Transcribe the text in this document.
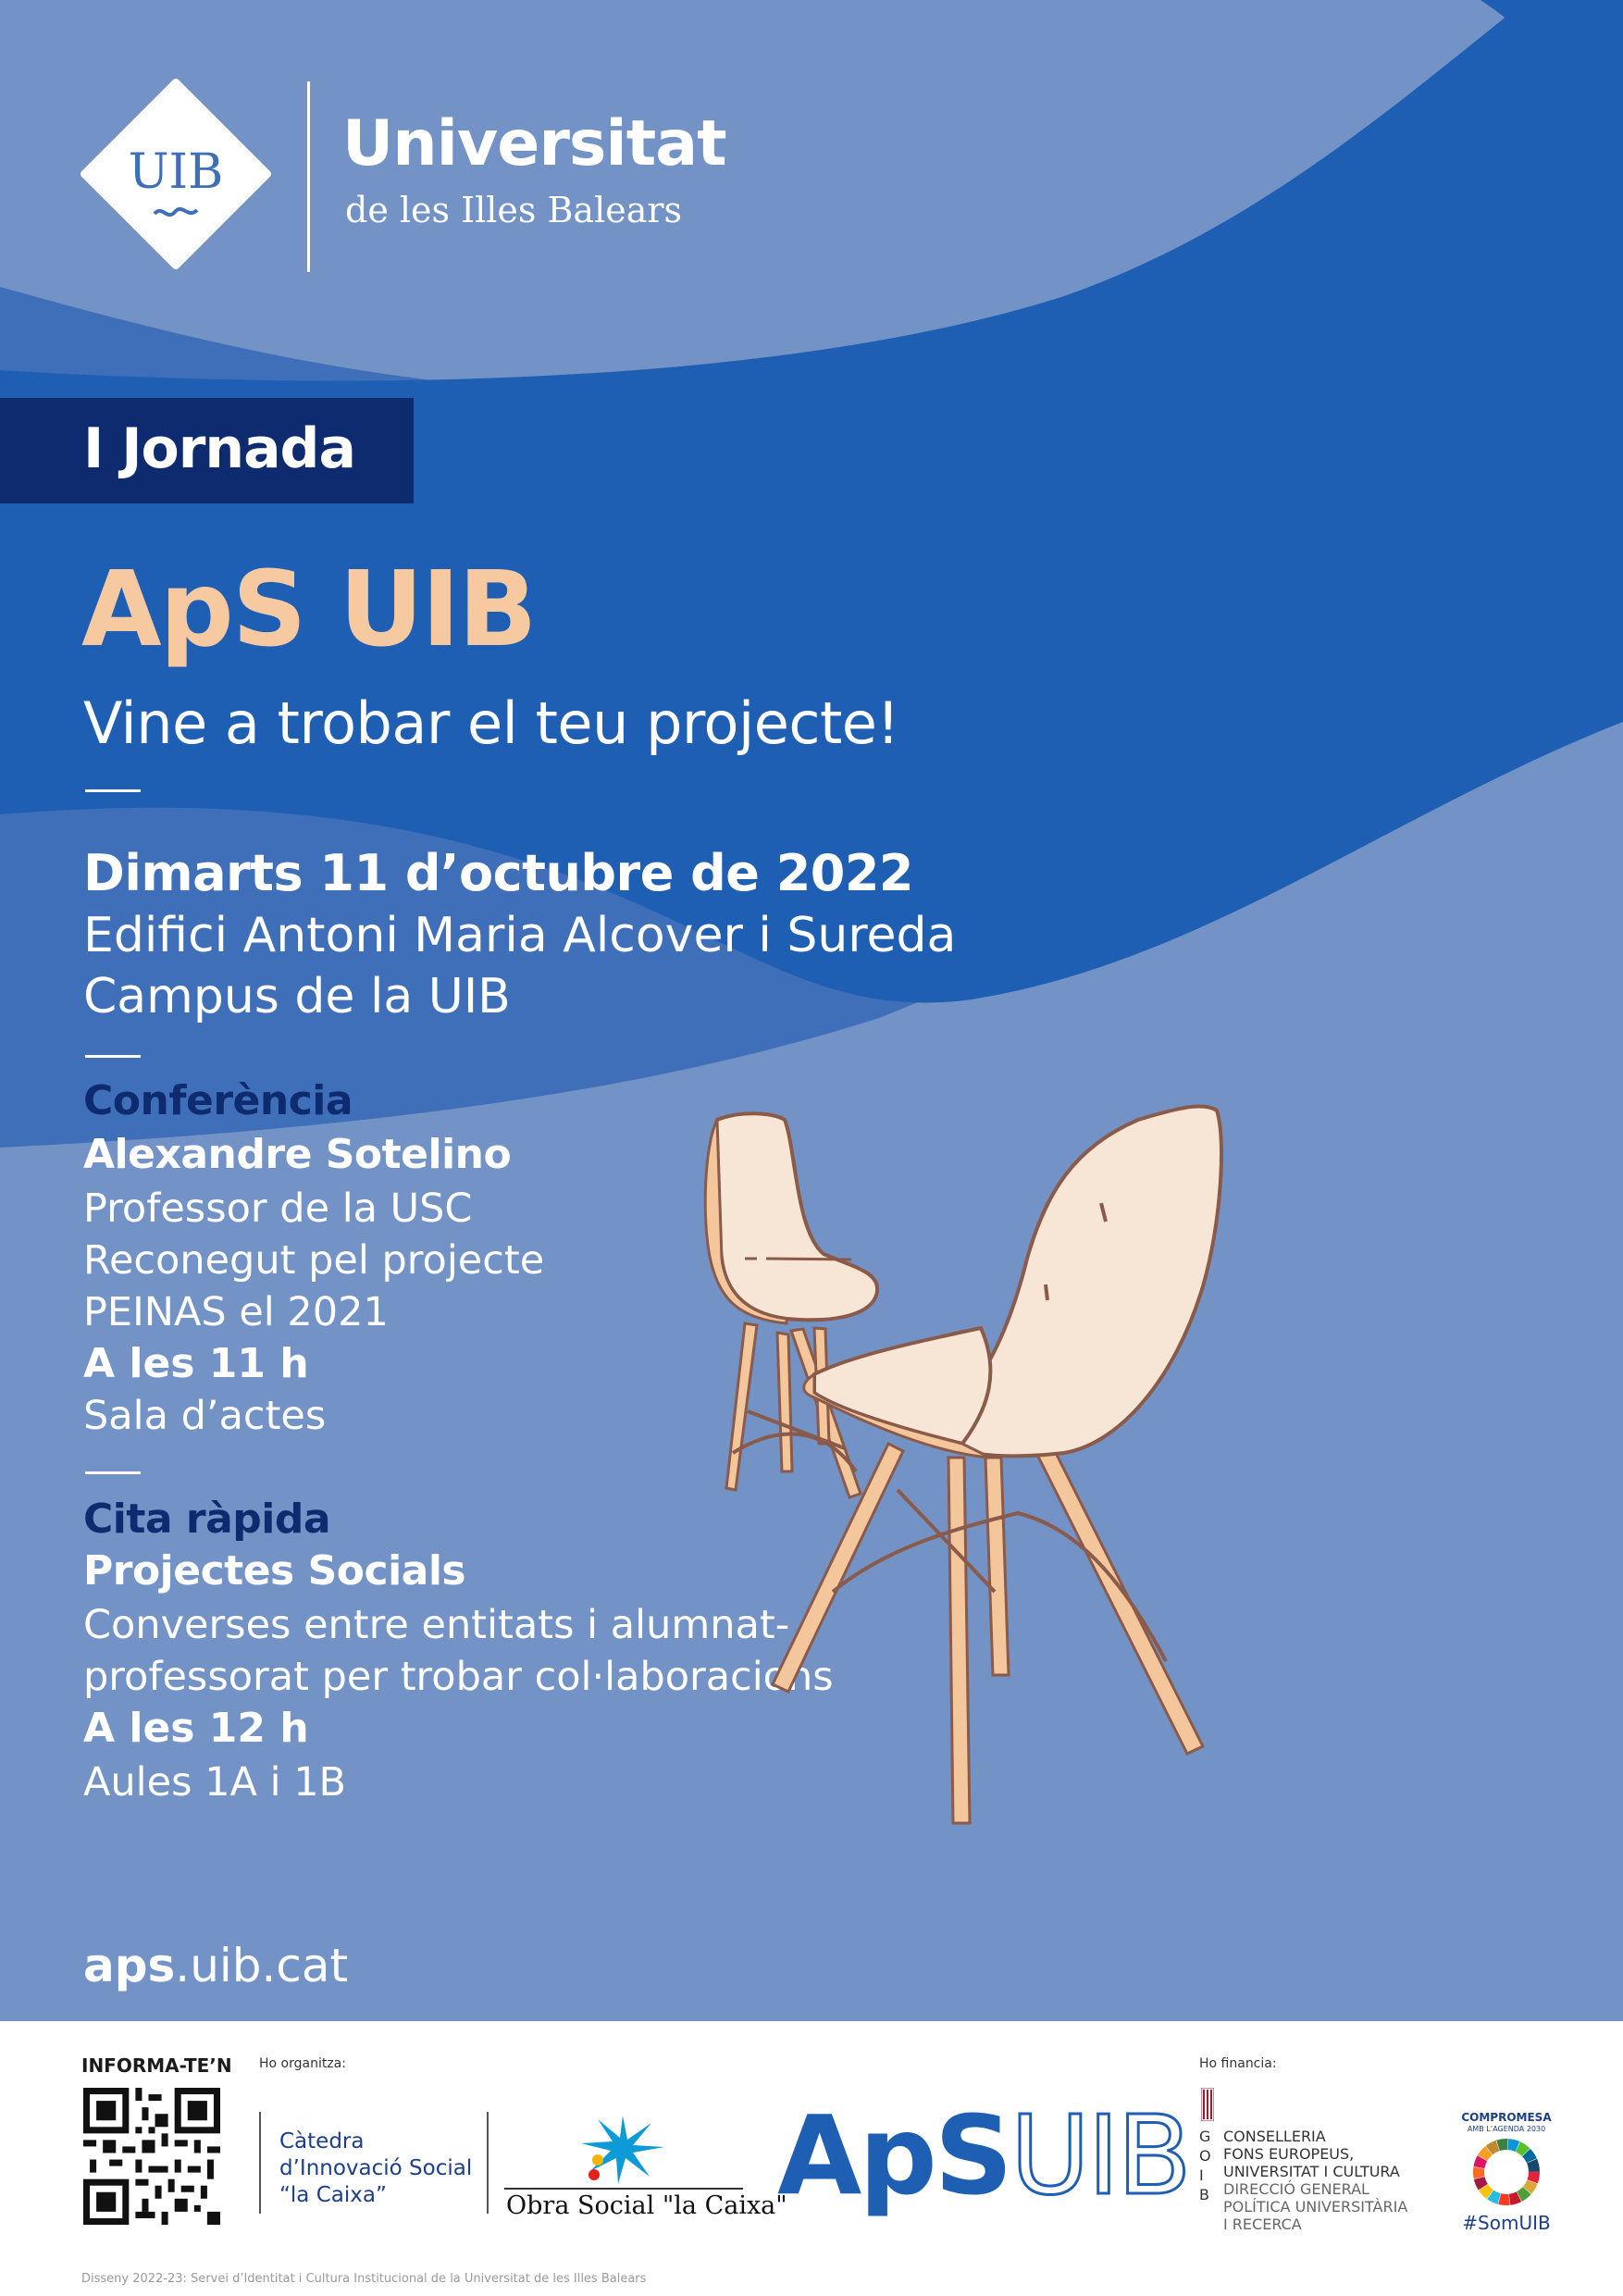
UIB Universitat
de les Illes Balears
I Jornada
ApS UIB
Vine a trobar el teu projecte!
Dimarts 11 d’octubre de 2022
Edifici Antoni Maria Alcover i Sureda
Campus de la UIB
Conferència
Alexandre Sotelino
Professor de la USC
Reconegut pel projecte
PEINAS el 2021
A les 11 h
Sala d’actes
Cita ràpida
Projectes Socials
Converses entre entitats i alumnat-
professorat per trobar col·laboracions
A les 12 h
Aules 1A i 1B
aps.uib.cat
INFORMA-TE’N Ho organitza:
Càtedra
d’Innovació Social
“la Caixa”	Obra Social "la Caixa"
ApSUIB
Ho financia:
G
O
I
B
CONSELLERIA
FONS EUROPEUS,
UNIVERSITAT I CULTURA
DIRECCIÓ GENERAL
POLÍTICA UNIVERSITÀRIA
I RECERCA
COMPROMESA
AMB L’AGENDA 2030
#SomUIB
Disseny 2022-23: Servei d’Identitat i Cultura Institucional de la Universitat de les Illes Balears
